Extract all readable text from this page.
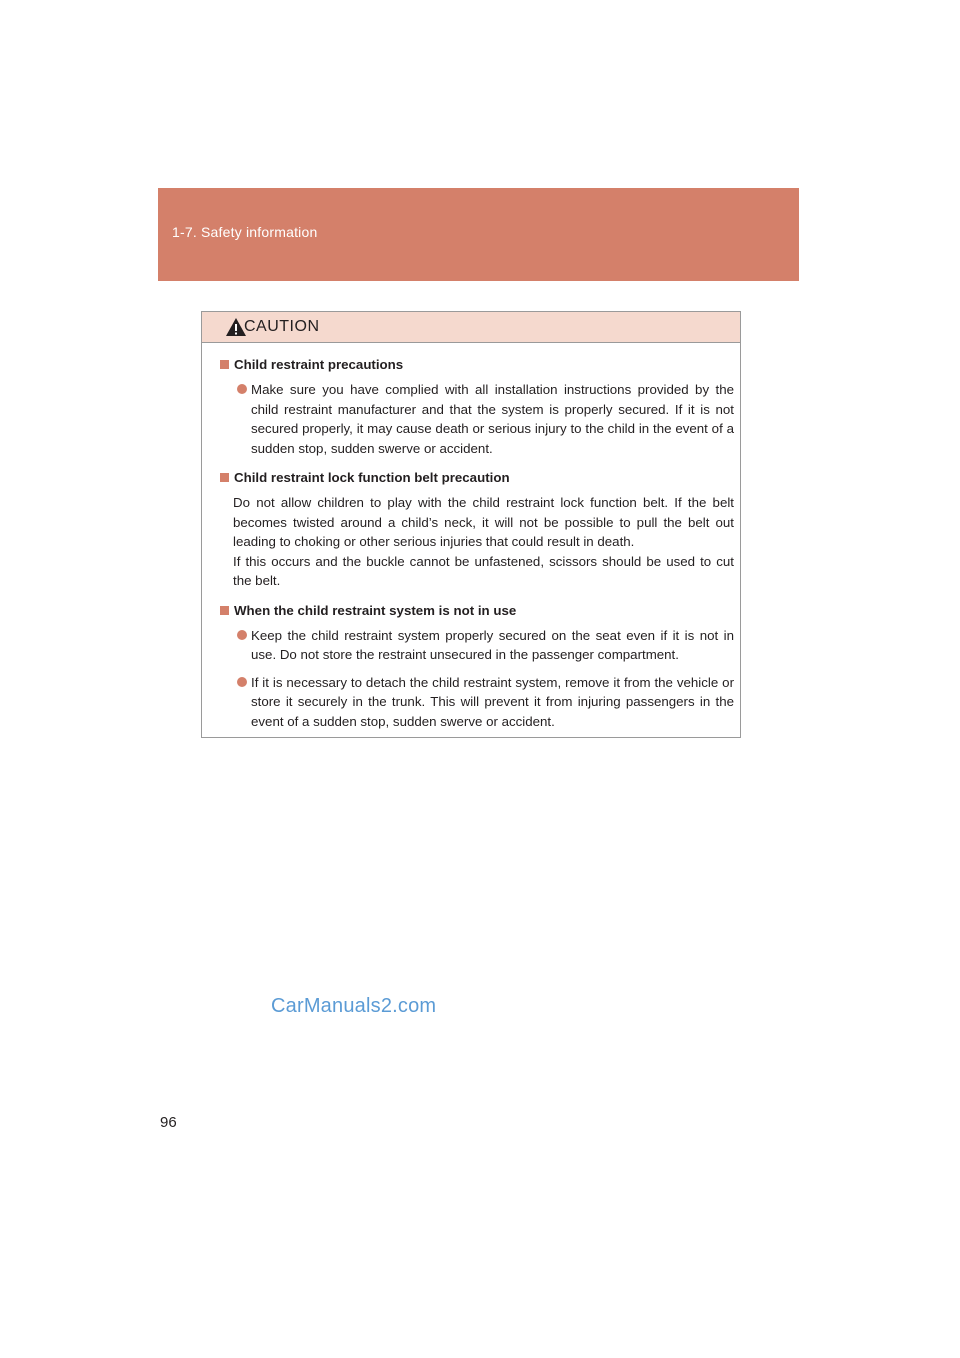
1-7. Safety information
CAUTION
Child restraint precautions
Make sure you have complied with all installation instructions provided by the child restraint manufacturer and that the system is properly secured. If it is not secured properly, it may cause death or serious injury to the child in the event of a sudden stop, sudden swerve or accident.
Child restraint lock function belt precaution
Do not allow children to play with the child restraint lock function belt. If the belt becomes twisted around a child’s neck, it will not be possible to pull the belt out leading to choking or other serious injuries that could result in death.
If this occurs and the buckle cannot be unfastened, scissors should be used to cut the belt.
When the child restraint system is not in use
Keep the child restraint system properly secured on the seat even if it is not in use. Do not store the restraint unsecured in the passenger compartment.
If it is necessary to detach the child restraint system, remove it from the vehicle or store it securely in the trunk. This will prevent it from injuring passengers in the event of a sudden stop, sudden swerve or accident.
CarManuals2.com
96
